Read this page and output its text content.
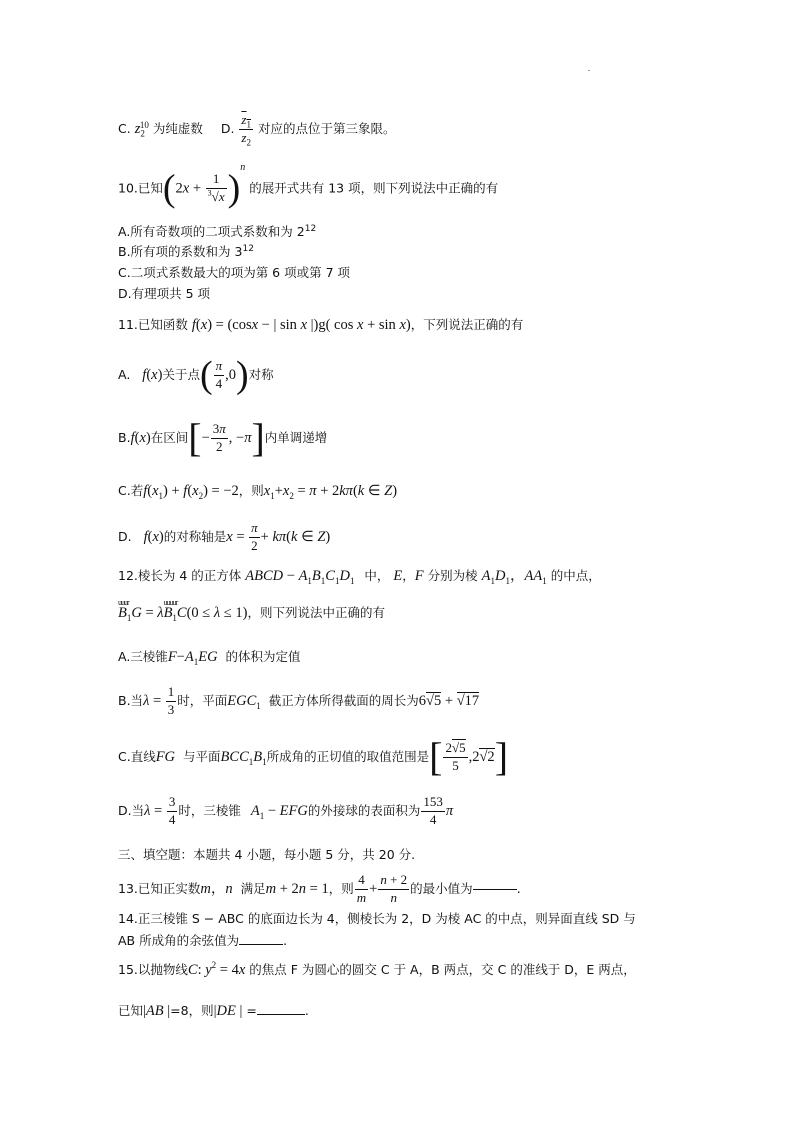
C. $z_2^{10}$ 为纯虚数 D. $\frac{z_1}{z_2}$ 对应的点位于第三象限。
10.已知$(2x + \frac{1}{^3√x} )^n$ 的展开式共有 13 项，则下列说法中正确的有
A.所有奇数项的二项式系数和为 $2^{12}$
B.所有项的系数和为 $3^{12}$
C.二项式系数最大的项为第 6 项或第 7 项
D.有理项共 5 项
11.已知函数 f(x) = (cosx − | sin x |)g( cos x + sin x)，下列说法正确的有
A. f(x)关于点( $\frac{\pi}{4} ,0$)对称
B.f(x)在区间[− $\frac{3\pi}{2}$ , −π]内单调递增
C.若$f(x_1) + f(x_2) = -2$，则$x_1+x_2 = \pi + 2k\pi(k$ ∈ Z)
D. f(x)的对称轴是$x = \frac{\pi}{2} + k\pi(k$ ∈ Z)
12.棱长为 4 的正方体 ABCD − $A_1B_1C_1D_1$ 中， E，F 分别为棱 $A_1D_1$，$AA_1$ 的中点，
uuur
$B_1G = \lambda$
uuuur
$B_1C(0 \le \lambda \le 1)$，则下列说法中正确的有
A.三棱锥$F-A_1EG$ 的体积为定值
B.当$\lambda = \frac{1}{3}$ 时，平面$EGC_1$ 截正方体所得截面的周长为6√5 + √17
C.直线FG 与平面$BCC_1B_1$所成角的正切值的取值范围是[ $\frac{2√5}{5} ,2√2$]
D.当$\lambda = \frac{3}{4}$ 时，三棱锥 $A_1$ − EFG的外接球的表面积为 $\frac{153}{4}$ π
三、填空题：本题共 4 小题，每小题 5 分，共 20 分.
13.已知正实数m，n 满足m + 2n = 1，则 $\frac{4}{m} + \frac{n + 2}{n}$ 的最小值为	.
14.正三棱锥 S − ABC 的底面边长为 4，侧棱长为 2，D 为棱 AC 的中点，则异面直线 SD 与
AB 所成角的余弦值为	.
15.以抛物线C: $y^2 = 4x$ 的焦点 F 为圆心的圆交 C 于 A，B 两点，交 C 的准线于 D，E 两点，
已知|AB |=8，则|DE | =	.
